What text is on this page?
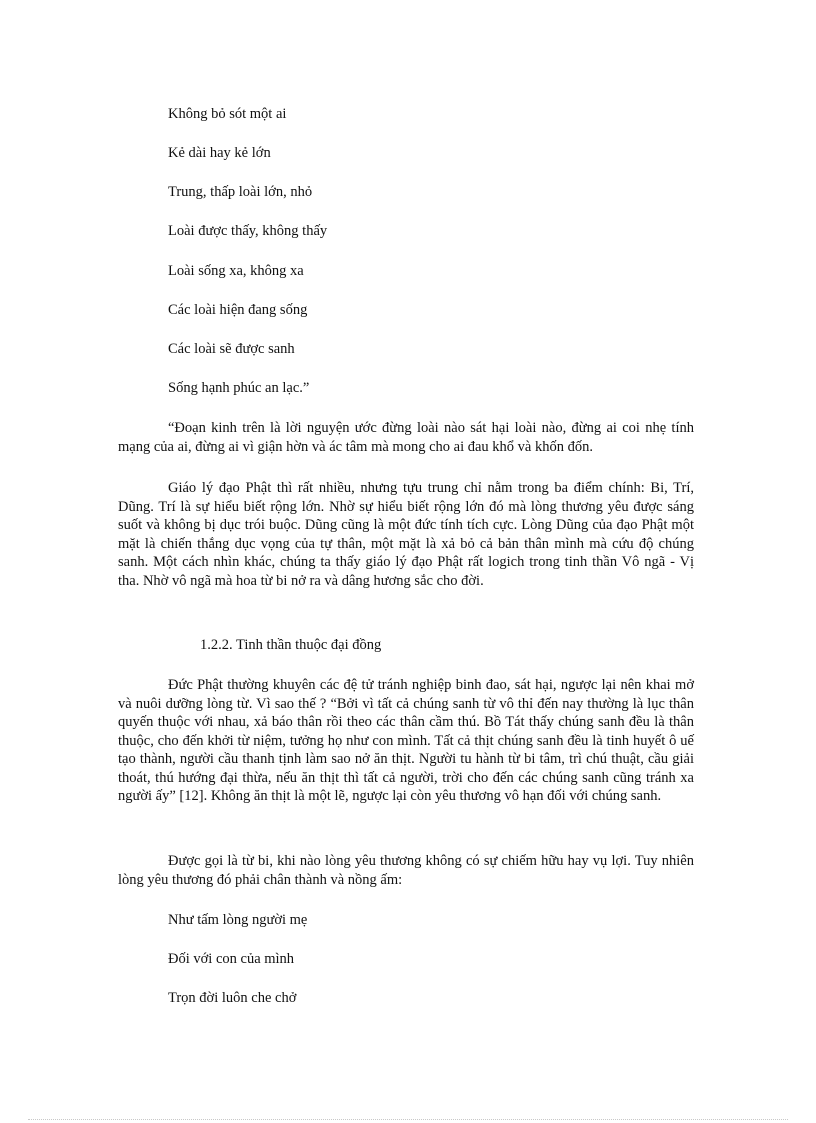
Không bỏ sót một ai
Kẻ dài hay kẻ lớn
Trung, thấp loài lớn, nhỏ
Loài được thấy, không thấy
Loài sống xa, không xa
Các loài hiện đang sống
Các loài sẽ được sanh
Sống hạnh phúc an lạc.”

“Đoạn kinh trên là lời nguyện ước đừng loài nào sát hại loài nào, đừng ai coi nhẹ tính mạng của ai, đừng ai vì giận hờn và ác tâm mà mong cho ai đau khổ và khốn đốn.

Giáo lý đạo Phật thì rất nhiều, nhưng tựu trung chỉ nằm trong ba điểm chính: Bi, Trí, Dũng. Trí là sự hiểu biết rộng lớn. Nhờ sự hiểu biết rộng lớn đó mà lòng thương yêu được sáng suốt và không bị dục trói buộc. Dũng cũng là một đức tính tích cực. Lòng Dũng của đạo Phật một mặt là chiến thắng dục vọng của tự thân, một mặt là xả bỏ cả bản thân mình mà cứu độ chúng sanh. Một cách nhìn khác, chúng ta thấy giáo lý đạo Phật rất logich trong tinh thần Vô ngã - Vị tha. Nhờ vô ngã mà hoa từ bi nở ra và dâng hương sắc cho đời.

1.2.2. Tinh thần thuộc đại đồng

Đức Phật thường khuyên các đệ tử tránh nghiệp binh đao, sát hại, ngược lại nên khai mở và nuôi dưỡng lòng từ. Vì sao thế ? “Bởi vì tất cả chúng sanh từ vô thỉ đến nay thường là lục thân quyến thuộc với nhau, xả báo thân rồi theo các thân cầm thú. Bồ Tát thấy chúng sanh đều là thân thuộc, cho đến khởi từ niệm, tưởng họ như con mình. Tất cả thịt chúng sanh đều là tinh huyết ô uế tạo thành, người cầu thanh tịnh làm sao nở ăn thịt. Người tu hành từ bi tâm, trì chú thuật, cầu giải thoát, thú hướng đại thừa, nếu ăn thịt thì tất cả người, trời cho đến các chúng sanh cũng tránh xa người ấy” [12]. Không ăn thịt là một lẽ, ngược lại còn yêu thương vô hạn đối với chúng sanh.

Được gọi là từ bi, khi nào lòng yêu thương không có sự chiếm hữu hay vụ lợi. Tuy nhiên lòng yêu thương đó phải chân thành và nồng ấm:

Như tấm lòng người mẹ
Đối với con của mình
Trọn đời luôn che chở
